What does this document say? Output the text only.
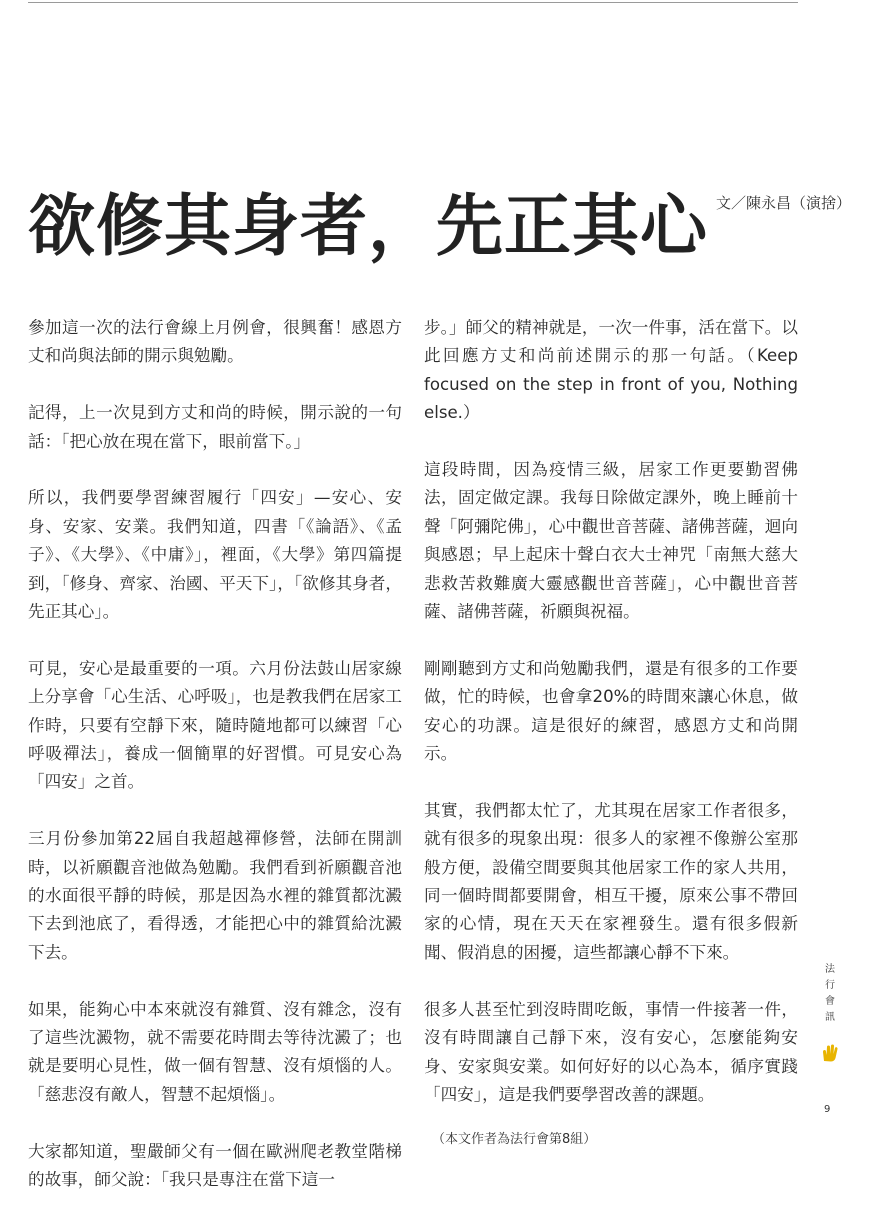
欲修其身者，先正其心 文／陳永昌（演捨）

參加這一次的法行會線上月例會，很興奮！感恩方丈和尚與法師的開示與勉勵。

記得，上一次見到方丈和尚的時候，開示說的一句話：「把心放在現在當下，眼前當下。」

所以，我們要學習練習履行「四安」—安心、安身、安家、安業。我們知道，四書「《論語》、《孟子》、《大學》、《中庸》」，裡面，《大學》第四篇提到，「修身、齊家、治國、平天下」，「欲修其身者，先正其心」。

可見，安心是最重要的一項。六月份法鼓山居家線上分享會「心生活、心呼吸」，也是教我們在居家工作時，只要有空靜下來，隨時隨地都可以練習「心呼吸禪法」，養成一個簡單的好習慣。可見安心為「四安」之首。

三月份參加第22屆自我超越禪修營，法師在開訓時，以祈願觀音池做為勉勵。我們看到祈願觀音池的水面很平靜的時候，那是因為水裡的雜質都沈澱下去到池底了，看得透，才能把心中的雜質給沈澱下去。

如果，能夠心中本來就沒有雜質、沒有雜念，沒有了這些沈澱物，就不需要花時間去等待沈澱了；也就是要明心見性，做一個有智慧、沒有煩惱的人。「慈悲沒有敵人，智慧不起煩惱」。

大家都知道，聖嚴師父有一個在歐洲爬老教堂階梯的故事，師父說：「我只是專注在當下這一

步。」師父的精神就是，一次一件事，活在當下。以此回應方丈和尚前述開示的那一句話。（Keep focused on the step in front of you, Nothing else.）

這段時間，因為疫情三級，居家工作更要勤習佛法，固定做定課。我每日除做定課外，晚上睡前十聲「阿彌陀佛」，心中觀世音菩薩、諸佛菩薩，迴向與感恩；早上起床十聲白衣大士神咒「南無大慈大悲救苦救難廣大靈感觀世音菩薩」，心中觀世音菩薩、諸佛菩薩，祈願與祝福。

剛剛聽到方丈和尚勉勵我們，還是有很多的工作要做，忙的時候，也會拿20%的時間來讓心休息，做安心的功課。這是很好的練習，感恩方丈和尚開示。

其實，我們都太忙了，尤其現在居家工作者很多，就有很多的現象出現：很多人的家裡不像辦公室那般方便，設備空間要與其他居家工作的家人共用，同一個時間都要開會，相互干擾，原來公事不帶回家的心情，現在天天在家裡發生。還有很多假新聞、假消息的困擾，這些都讓心靜不下來。

很多人甚至忙到沒時間吃飯，事情一件接著一件，沒有時間讓自己靜下來，沒有安心，怎麼能夠安身、安家與安業。如何好好的以心為本，循序實踐「四安」，這是我們要學習改善的課題。

（本文作者為法行會第8組）

法
行
會
訊
9
